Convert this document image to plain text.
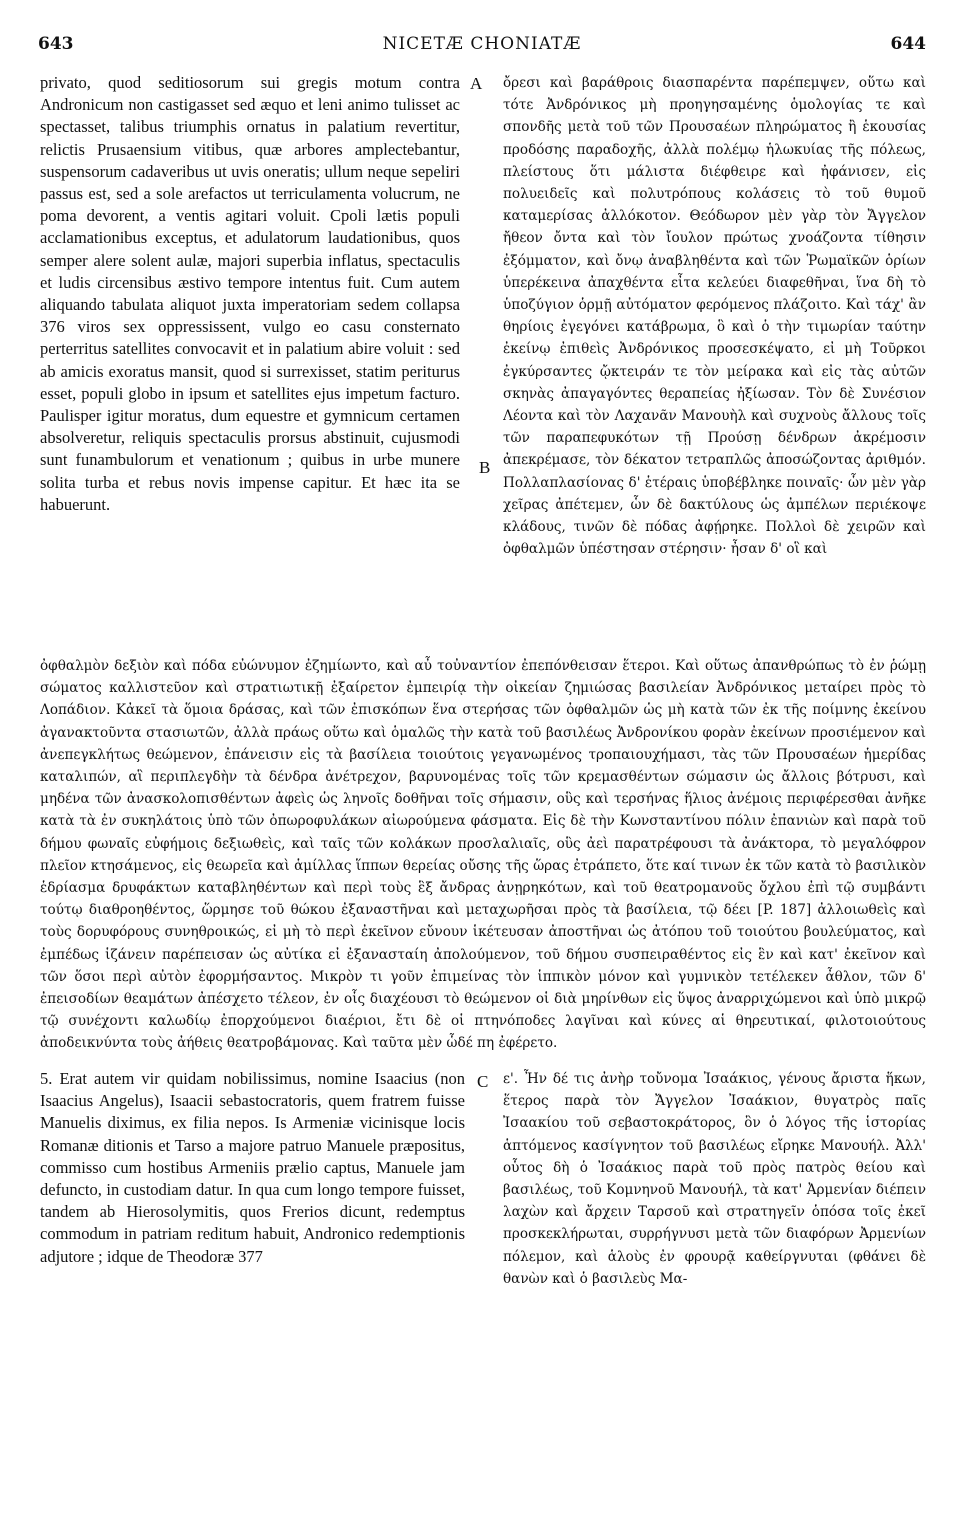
643	NICETÆ CHONIATÆ	644
privato, quod seditiosorum sui gregis motum contra Andronicum non castigasset sed æquo et leni animo tulisset ac spectasset, talibus triumphis ornatus in palatium revertitur, relictis Prusaensium vitibus, quæ arbores amplectebantur, suspensorum cadaveribus ut uvis oneratis; ullum neque sepeliri passus est, sed a sole arefactos ut terriculamenta volucrum, ne poma devorent, a ventis agitari voluit. Cpoli lætis populi acclamationibus exceptus, et adulatorum laudationibus, quos semper alere solent aulæ, majori superbia inflatus, spectaculis et ludis circensibus æstivo tempore intentus fuit. Cum autem aliquando tabulata aliquot juxta imperatoriam sedem collapsa 376 viros sex oppressissent, vulgo eo casu consternato perterritus satellites convocavit et in palatium abire voluit : sed ab amicis exoratus mansit, quod si surrexisset, statim periturus esset, populi globo in ipsum et satellites ejus impetum facturo. Paulisper igitur moratus, dum equestre et gymnicum certamen absolveretur, reliquis spectaculis prorsus abstinuit, cujusmodi sunt funambulorum et venationum ; quibus in urbe munere solita turba et rebus novis impense capitur. Et hæc ita se habuerunt.
ὄρεσι καὶ βαράθροις διασπαρέντα παρέπεμψεν, οὕτω καὶ τότε Ἀνδρόνικος μὴ προηγησαμένης ὁμολογίας τε καὶ σπονδῆς μετὰ τοῦ τῶν Προυσαέων πληρώματος ἢ ἑκουσίας προδόσης παραδοχῆς, ἀλλὰ πολέμῳ ἡλωκυίας τῆς πόλεως, πλείστους ὅτι μάλιστα διέφθειρε καὶ ἠφάνισεν, εἰς πολυειδεῖς καὶ πολυτρόπους κολάσεις τὸ τοῦ θυμοῦ καταμερίσας ἀλλόκοτον. Θεόδωρον μὲν γὰρ τὸν Ἄγγελον ἤθεον ὄντα καὶ τὸν ἴουλον πρώτως χνοάζοντα τίθησιν ἐξόμματον, καὶ ὄνῳ ἀναβληθέντα καὶ τῶν Ῥωμαϊκῶν ὁρίων ὑπερέκεινα ἀπαχθέντα εἶτα κελεύει διαφεθῆναι, ἵνα δὴ τὸ ὑποζύγιον ὁρμῇ αὐτόματον φερόμενος πλάζοιτο. Καὶ τάχ' ἂν θηρίοις ἐγεγόνει κατάβρωμα, ὃ καὶ ὁ τὴν τιμωρίαν ταύτην ἐκείνῳ ἐπιθεὶς Ἀνδρόνικος προσεσκέψατο, εἰ μὴ Τοῦρκοι ἐγκύρσαντες ᾤκτειράν τε τὸν μείρακα καὶ εἰς τὰς αὐτῶν σκηνὰς ἀπαγαγόντες θεραπείας ἠξίωσαν. Τὸν δὲ Συνέσιον Λέοντα καὶ τὸν Λαχανᾶν Μανουὴλ καὶ συχνοὺς ἄλλους τοῖς τῶν παραπεφυκότων τῇ Προύσῃ δένδρων ἀκρέμοσιν ἀπεκρέμασε, τὸν δέκατον τετραπλῶς ἀποσώζοντας ἀριθμόν. Πολλαπλασίονας δ' ἑτέραις ὑποβέβληκε ποιναῖς· ὧν μὲν γὰρ χεῖρας ἀπέτεμεν, ὧν δὲ δακτύλους ὡς ἀμπέλων περιέκοψε κλάδους, τινῶν δὲ πόδας ἀφῄρηκε. Πολλοὶ δὲ χειρῶν καὶ ὀφθαλμῶν ὑπέστησαν στέρησιν· ἦσαν δ' οἳ καὶ
A
B
ὀφθαλμὸν δεξιὸν καὶ πόδα εὐώνυμον ἐζημίωντο, καὶ αὖ τοὐναντίον ἐπεπόνθεισαν ἕτεροι. Καὶ οὕτως ἀπανθρώπως τὸ ἐν ῥώμῃ σώματος καλλιστεῦον καὶ στρατιωτικῇ ἐξαίρετον ἐμπειρίᾳ τὴν οἰκείαν ζημιώσας βασιλείαν Ἀνδρόνικος μεταίρει πρὸς τὸ Λοπάδιον. Κἀκεῖ τὰ ὅμοια δράσας, καὶ τῶν ἐπισκόπων ἕνα στερήσας τῶν ὀφθαλμῶν ὡς μὴ κατὰ τῶν ἐκ τῆς ποίμνης ἐκείνου ἀγανακτοῦντα στασιωτῶν, ἀλλὰ πράως οὕτω καὶ ὁμαλῶς τὴν κατὰ τοῦ βασιλέως Ἀνδρονίκου φορὰν ἐκείνων προσιέμενον καὶ ἀνεπεγκλήτως θεώμενον, ἐπάνεισιν εἰς τὰ βασίλεια τοιούτοις γεγανωμένος τροπαιουχήμασι, τὰς τῶν Προυσαέων ἡμερίδας καταλιπών, αἳ περιπλεγδὴν τὰ δένδρα ἀνέτρεχον, βαρυνομένας τοῖς τῶν κρεμασθέντων σώμασιν ὡς ἄλλοις βότρυσι, καὶ μηδένα τῶν ἀνασκολοπισθέντων ἀφεὶς ὡς ληνοῖς δοθῆναι τοῖς σήμασιν, οὓς καὶ τερσήνας ἥλιος ἀνέμοις περιφέρεσθαι ἀνῆκε κατὰ τὰ ἐν συκηλάτοις ὑπὸ τῶν ὀπωροφυλάκων αἰωρούμενα φάσματα. Εἰς δὲ τὴν Κωνσταντίνου πόλιν ἐπανιὼν καὶ παρὰ τοῦ δήμου φωναῖς εὐφήμοις δεξιωθεὶς, καὶ ταῖς τῶν κολάκων προσλαλιαῖς, οὓς ἀεὶ παρατρέφουσι τὰ ἀνάκτορα, τὸ μεγαλόφρον πλεῖον κτησάμενος, εἰς θεωρεῖα καὶ ἁμίλλας ἵππων θερείας οὔσης τῆς ὥρας ἐτράπετο, ὅτε καί τινων ἐκ τῶν κατὰ τὸ βασιλικὸν ἑδρίασμα δρυφάκτων καταβληθέντων καὶ περὶ τοὺς ἓξ ἄνδρας ἀνῃρηκότων, καὶ τοῦ θεατρομανοῦς ὄχλου ἐπὶ τῷ συμβάντι τούτῳ διαθροηθέντος, ὥρμησε τοῦ θώκου ἐξαναστῆναι καὶ μεταχωρῆσαι πρὸς τὰ βασίλεια, τῷ δέει [P. 187] ἀλλοιωθεὶς καὶ τοὺς δορυφόρους συνηθροικώς, εἰ μὴ τὸ περὶ ἐκεῖνον εὔνουν ἱκέτευσαν ἀποστῆναι ὡς ἀτόπου τοῦ τοιούτου βουλεύματος, καὶ ἐμπέδως ἱζάνειν παρέπεισαν ὡς αὐτίκα εἰ ἐξαναστα​ίη ἀπολούμενον, τοῦ δήμου συσπειραθέντος εἰς ἓν καὶ κατ' ἐκεῖνον καὶ τῶν ὅσοι περὶ αὐτὸν ἐφορμήσαντος. Μικρὸν τι γοῦν ἐπιμείνας τὸν ἱππικὸν μόνον καὶ γυμνικὸν τετέλεκεν ἆθλον, τῶν δ' ἐπεισοδίων θεαμάτων ἀπέσχετο τέλεον, ἐν οἷς διαχέουσι τὸ θεώμενον οἱ διὰ μηρίνθων εἰς ὕψος ἀναρριχώμενοι καὶ ὑπὸ μικρῷ τῷ συνέχοντι καλωδίῳ ἐπορχούμενοι διαέριοι, ἔτι δὲ οἱ πτηνόποδες λαγῖναι καὶ κύνες αἱ θηρευτικαί, φιλοτοιούτους ἀποδεικνύντα τοὺς ἀήθεις θεατροβάμονας. Καὶ ταῦτα μὲν ὧδέ πη ἐφέρετο.
5. Erat autem vir quidam nobilissimus, nomine Isaacius (non Isaacius Angelus), Isaacii sebastocratoris, quem fratrem fuisse Manuelis diximus, ex filia nepos. Is Armeniæ vicinisque locis Romanæ ditionis et Tarso a majore patruo Manuele præpositus, commisso cum hostibus Armeniis prælio captus, Manuele jam defuncto, in custodiam datur. In qua cum longo tempore fuisset, tandem ab Hierosolymitis, quos Frerios dicunt, redemptus commodum in patriam reditum habuit, Andronico redemptionis adjutore ; idque de Theodoræ 377
C ε'. Ἦν δέ τις ἀνὴρ τοὔνομα Ἰσαάκιος, γένους ἄριστα ἥκων, ἕτερος παρὰ τὸν Ἄγγελον Ἰσαάκιον, θυγατρὸς παῖς Ἰσαακίου τοῦ σεβαστοκράτορος, ὃν ὁ λόγος τῆς ἱστορίας ἁπτόμενος κασίγνητον τοῦ βασιλέως εἴρηκε Μανουήλ. Ἀλλ' οὗτος δὴ ὁ Ἰσαάκιος παρὰ τοῦ πρὸς πατρὸς θείου καὶ βασιλέως, τοῦ Κομνηνοῦ Μανουήλ, τὰ κατ' Ἀρμενίαν διέπειν λαχὼν καὶ ἄρχειν Ταρσοῦ καὶ στρατηγεῖν ὁπόσα τοῖς ἐκεῖ προσκεκλήρωται, συρρήγνυσι μετὰ τῶν διαφόρων Ἀρμενίων πόλεμον, καὶ ἁλοὺς ἐν φρουρᾷ καθείργνυται (φθάνει δὲ θανὼν καὶ ὁ βασιλεὺς Μα-
